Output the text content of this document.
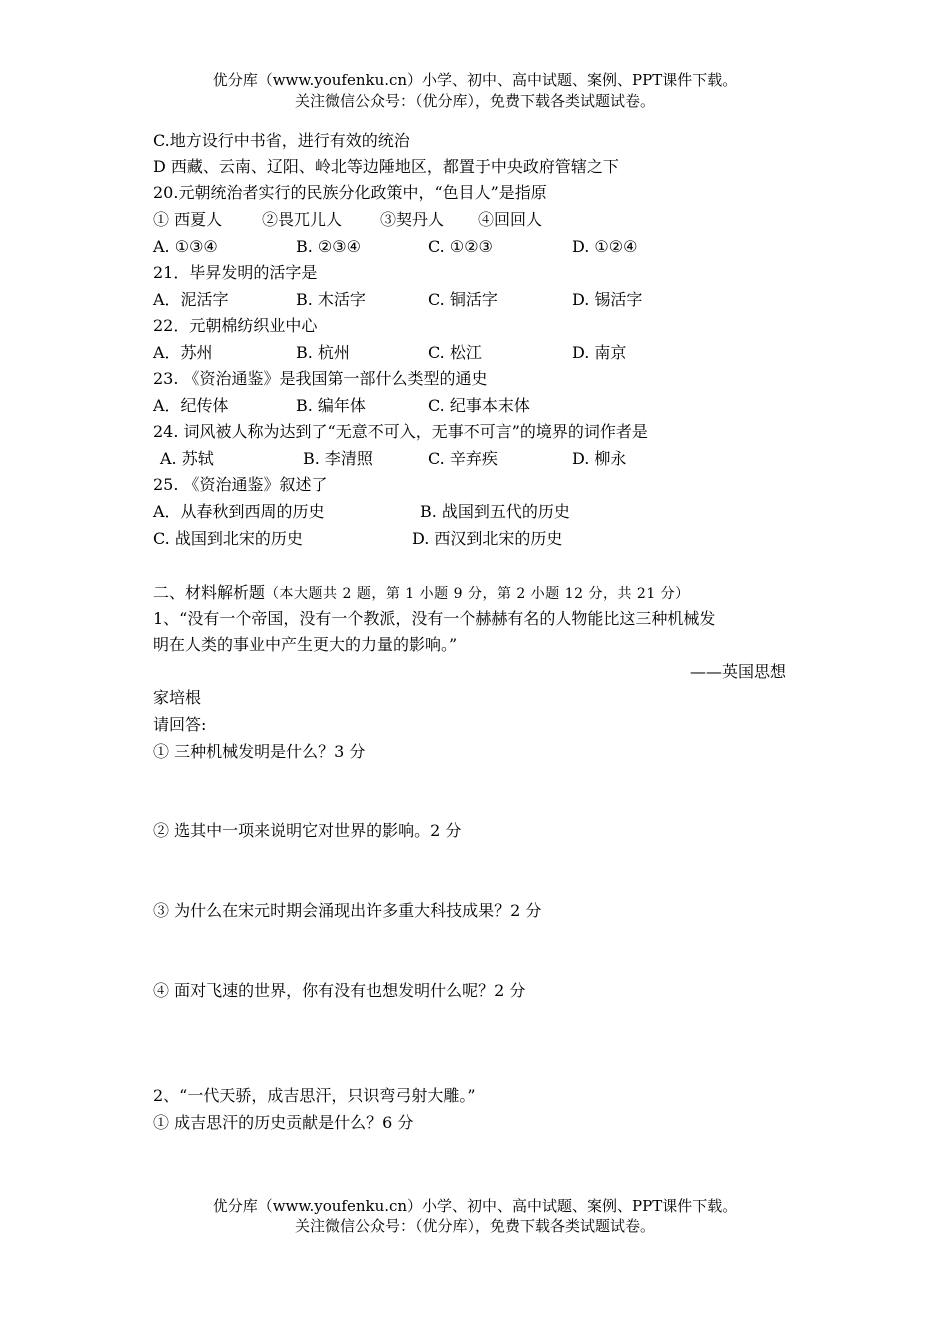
优分库（www.youfenku.cn）小学、初中、高中试题、案例、PPT课件下载。
关注微信公众号：（优分库），免费下载各类试题试卷。
C.地方设行中书省，进行有效的统治
D 西藏、云南、辽阳、岭北等边陲地区，都置于中央政府管辖之下
20.元朝统治者实行的民族分化政策中，“色目人”是指原
① 西夏人 ②畏兀儿人 ③契丹人 ④回回人
A. ①③④	B. ②③④	C. ①②③	D. ①②④
21．毕昇发明的活字是
A．泥活字	B. 木活字	C. 铜活字	D. 锡活字
22．元朝棉纺织业中心
A．苏州	B. 杭州	C. 松江	D. 南京
23. 《资治通鉴》是我国第一部什么类型的通史
A．纪传体	B. 编年体	C. 纪事本末体
24. 词风被人称为达到了“无意不可入，无事不可言”的境界的词作者是
A. 苏轼	B. 李清照	C. 辛弃疾	D. 柳永
25. 《资治通鉴》叙述了
A．从春秋到西周的历史	B. 战国到五代的历史
C. 战国到北宋的历史	D. 西汉到北宋的历史
二、材料解析题（本大题共 2 题，第 1 小题 9 分，第 2 小题 12 分，共 21 分）
1、“没有一个帝国，没有一个教派，没有一个赫赫有名的人物能比这三种机械发
明在人类的事业中产生更大的力量的影响。”
——英国思想
家培根
请回答:
① 三种机械发明是什么？3 分
② 选其中一项来说明它对世界的影响。2 分
③ 为什么在宋元时期会涌现出许多重大科技成果？2 分
④ 面对飞速的世界，你有没有也想发明什么呢？2 分
2、“一代天骄，成吉思汗，只识弯弓射大雕。”
① 成吉思汗的历史贡献是什么？6 分
优分库（www.youfenku.cn）小学、初中、高中试题、案例、PPT课件下载。
关注微信公众号：（优分库），免费下载各类试题试卷。
